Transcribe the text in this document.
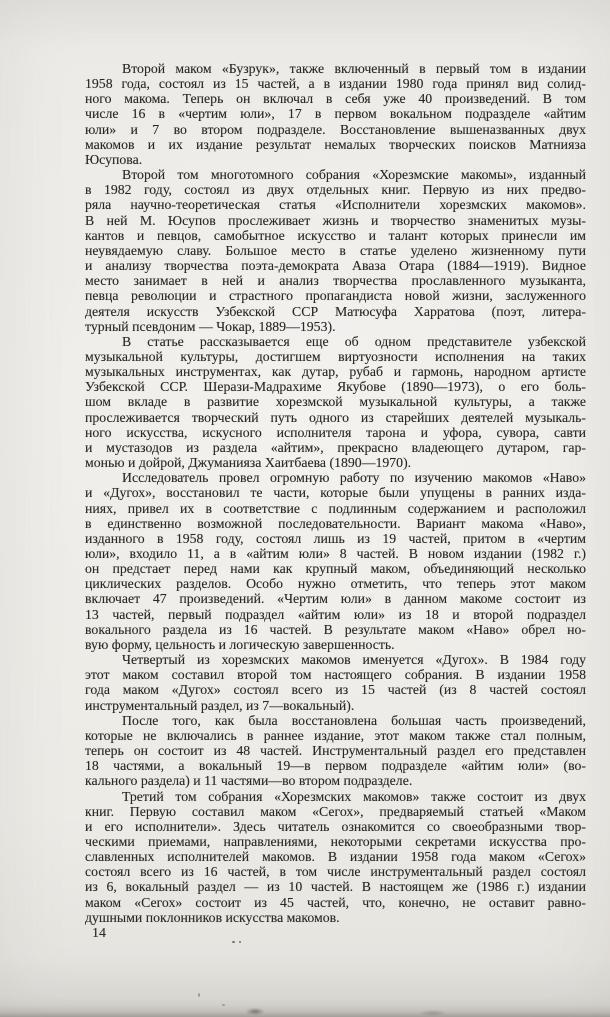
Второй маком «Бузрук», также включенный в первый том в издании
1958 года, состоял из 15 частей, а в издании 1980 года принял вид солид-
ного макома. Теперь он включал в себя уже 40 произведений. В том
числе 16 в «чертим юли», 17 в первом вокальном подразделе «айтим
юли» и 7 во втором подразделе. Восстановление вышеназванных двух
макомов и их издание результат немалых творческих поисков Матнияза
Юсупова.

Второй том многотомного собрания «Хорезмские макомы», изданный
в 1982 году, состоял из двух отдельных книг. Первую из них предво-
ряла научно-теоретическая статья «Исполнители хорезмских макомов».
В ней М. Юсупов прослеживает жизнь и творчество знаменитых музы-
кантов и певцов, самобытное искусство и талант которых принесли им
неувядаемую славу. Большое место в статье уделено жизненному пути
и анализу творчества поэта-демократа Аваза Отара (1884—1919). Видное
место занимает в ней и анализ творчества прославленного музыканта,
певца революции и страстного пропагандиста новой жизни, заслуженного
деятеля искусств Узбекской ССР Матюсуфа Харратова (поэт, литера-
турный псевдоним — Чокар, 1889—1953).

В статье рассказывается еще об одном представителе узбекской
музыкальной культуры, достигшем виртуозности исполнения на таких
музыкальных инструментах, как дутар, рубаб и гармонь, народном артисте
Узбекской ССР. Шерази-Мадрахиме Якубове (1890—1973), о его боль-
шом вкладе в развитие хорезмской музыкальной культуры, а также
прослеживается творческий путь одного из старейших деятелей музыкаль-
ного искусства, искусного исполнителя тарона и уфора, сувора, савти
и мустазодов из раздела «айтим», прекрасно владеющего дутаром, гар-
монью и дойрой, Джуманияза Хаитбаева (1890—1970).

Исследователь провел огромную работу по изучению макомов «Наво»
и «Дугох», восстановил те части, которые были упущены в ранних изда-
ниях, привел их в соответствие с подлинным содержанием и расположил
в единственно возможной последовательности. Вариант макома «Наво»,
изданного в 1958 году, состоял лишь из 19 частей, притом в «чертим
юли», входило 11, а в «айтим юли» 8 частей. В новом издании (1982 г.)
он предстает перед нами как крупный маком, объединяющий несколько
циклических разделов. Особо нужно отметить, что теперь этот маком
включает 47 произведений. «Чертим юли» в данном макоме состоит из
13 частей, первый подраздел «айтим юли» из 18 и второй подраздел
вокального раздела из 16 частей. В результате маком «Наво» обрел но-
вую форму, цельность и логическую завершенность.

Четвертый из хорезмских макомов именуется «Дугох». В 1984 году
этот маком составил второй том настоящего собрания. В издании 1958
года маком «Дугох» состоял всего из 15 частей (из 8 частей состоял
инструментальный раздел, из 7—вокальный).

После того, как была восстановлена большая часть произведений,
которые не включались в раннее издание, этот маком также стал полным,
теперь он состоит из 48 частей. Инструментальный раздел его представлен
18 частями, а вокальный 19—в первом подразделе «айтим юли» (во-
кального раздела) и 11 частями—во втором подразделе.

Третий том собрания «Хорезмских макомов» также состоит из двух
книг. Первую составил маком «Сегох», предваряемый статьей «Маком
и его исполнители». Здесь читатель ознакомится со своеобразными твор-
ческими приемами, направлениями, некоторыми секретами искусства про-
славленных исполнителей макомов. В издании 1958 года маком «Сегох»
состоял всего из 16 частей, в том числе инструментальный раздел состоял
из 6, вокальный раздел — из 10 частей. В настоящем же (1986 г.) издании
маком «Сегох» состоит из 45 частей, что, конечно, не оставит равно-
душными поклонников искусства макомов.

14
